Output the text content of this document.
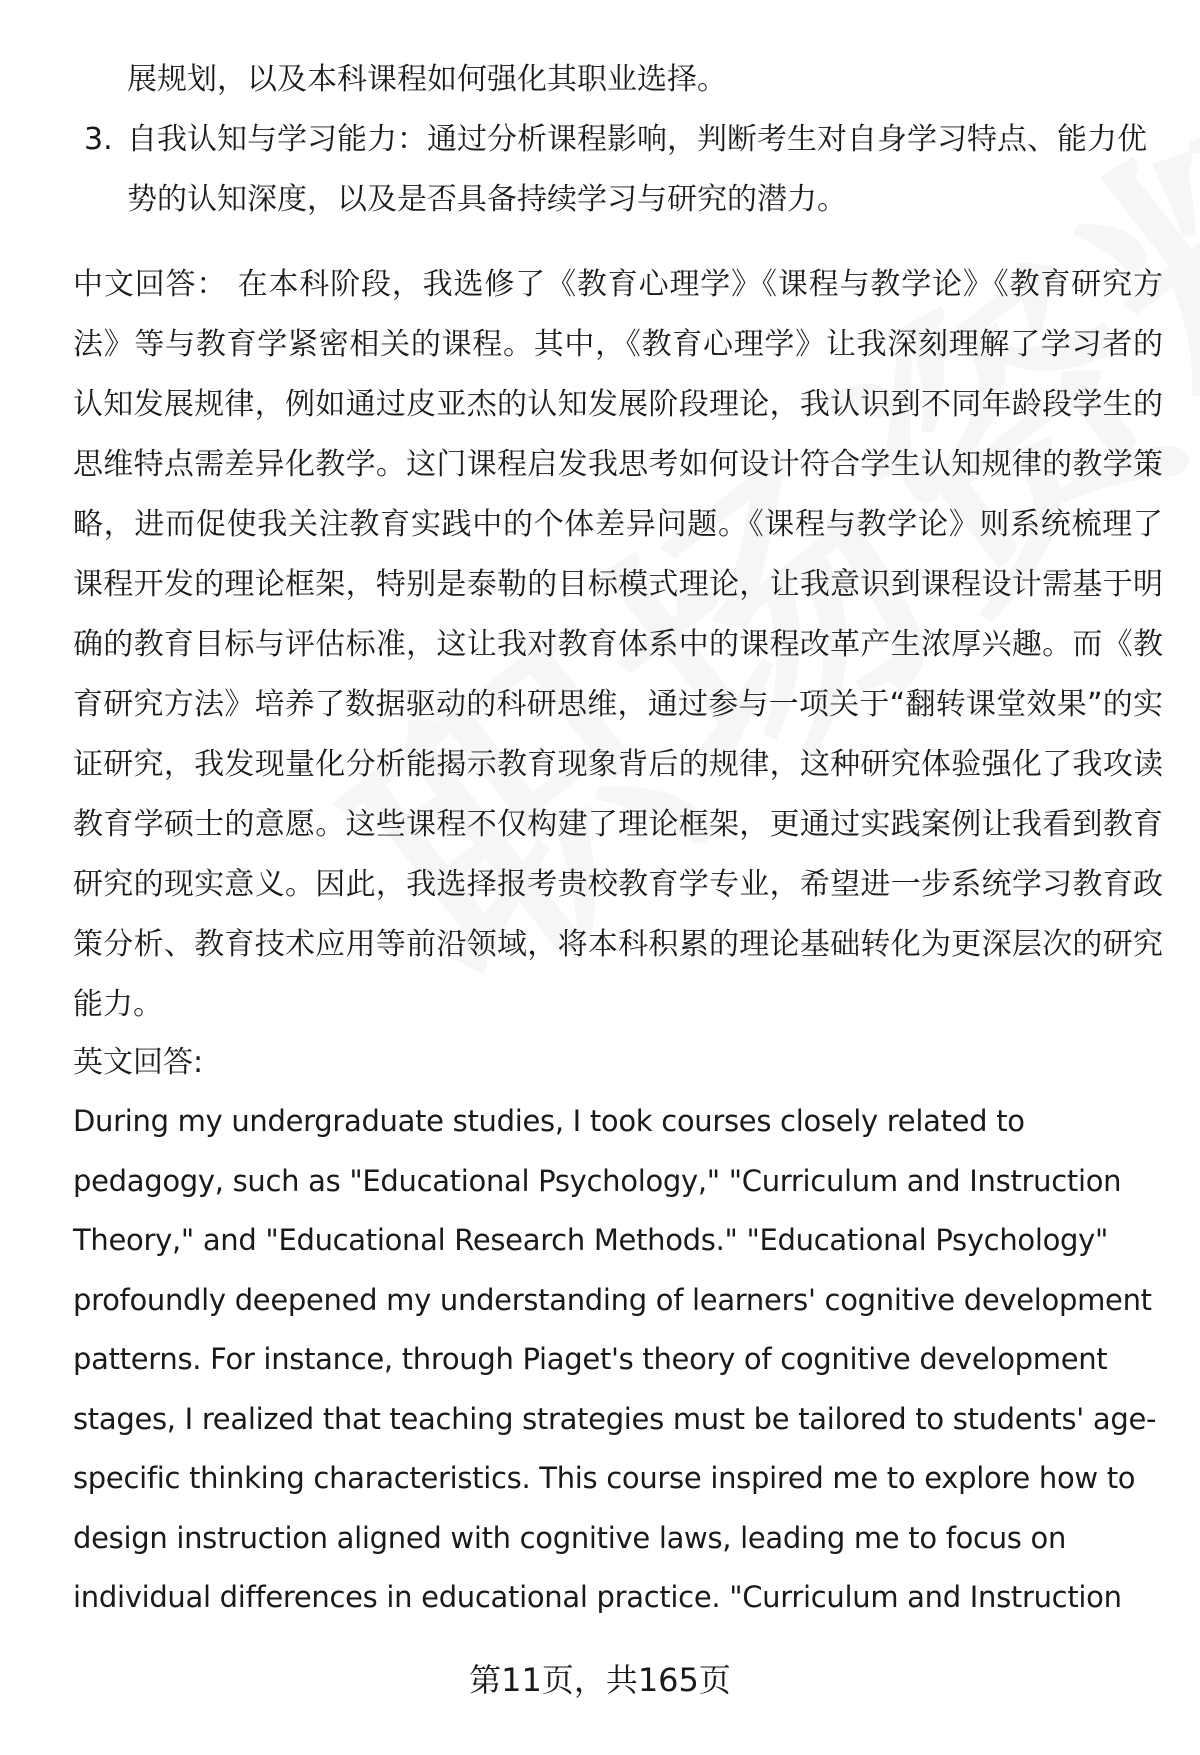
展规划，以及本科课程如何强化其职业选择。

3. 自我认知与学习能力：通过分析课程影响，判断考生对自身学习特点、能力优势的认知深度，以及是否具备持续学习与研究的潜力。

中文回答： 在本科阶段，我选修了《教育心理学》《课程与教学论》《教育研究方法》等与教育学紧密相关的课程。其中，《教育心理学》让我深刻理解了学习者的认知发展规律，例如通过皮亚杰的认知发展阶段理论，我认识到不同年龄段学生的思维特点需差异化教学。这门课程启发我思考如何设计符合学生认知规律的教学策略，进而促使我关注教育实践中的个体差异问题。《课程与教学论》则系统梳理了课程开发的理论框架，特别是泰勒的目标模式理论，让我意识到课程设计需基于明确的教育目标与评估标准，这让我对教育体系中的课程改革产生浓厚兴趣。而《教育研究方法》培养了数据驱动的科研思维，通过参与一项关于“翻转课堂效果”的实证研究，我发现量化分析能揭示教育现象背后的规律，这种研究体验强化了我攻读教育学硕士的意愿。这些课程不仅构建了理论框架，更通过实践案例让我看到教育研究的现实意义。因此，我选择报考贵校教育学专业，希望进一步系统学习教育政策分析、教育技术应用等前沿领域，将本科积累的理论基础转化为更深层次的研究能力。

英文回答:

During my undergraduate studies, I took courses closely related to pedagogy, such as "Educational Psychology," "Curriculum and Instruction Theory," and "Educational Research Methods." "Educational Psychology" profoundly deepened my understanding of learners' cognitive development patterns. For instance, through Piaget's theory of cognitive development stages, I realized that teaching strategies must be tailored to students' age-specific thinking characteristics. This course inspired me to explore how to design instruction aligned with cognitive laws, leading me to focus on individual differences in educational practice. "Curriculum and Instruction

第11页，共165页
